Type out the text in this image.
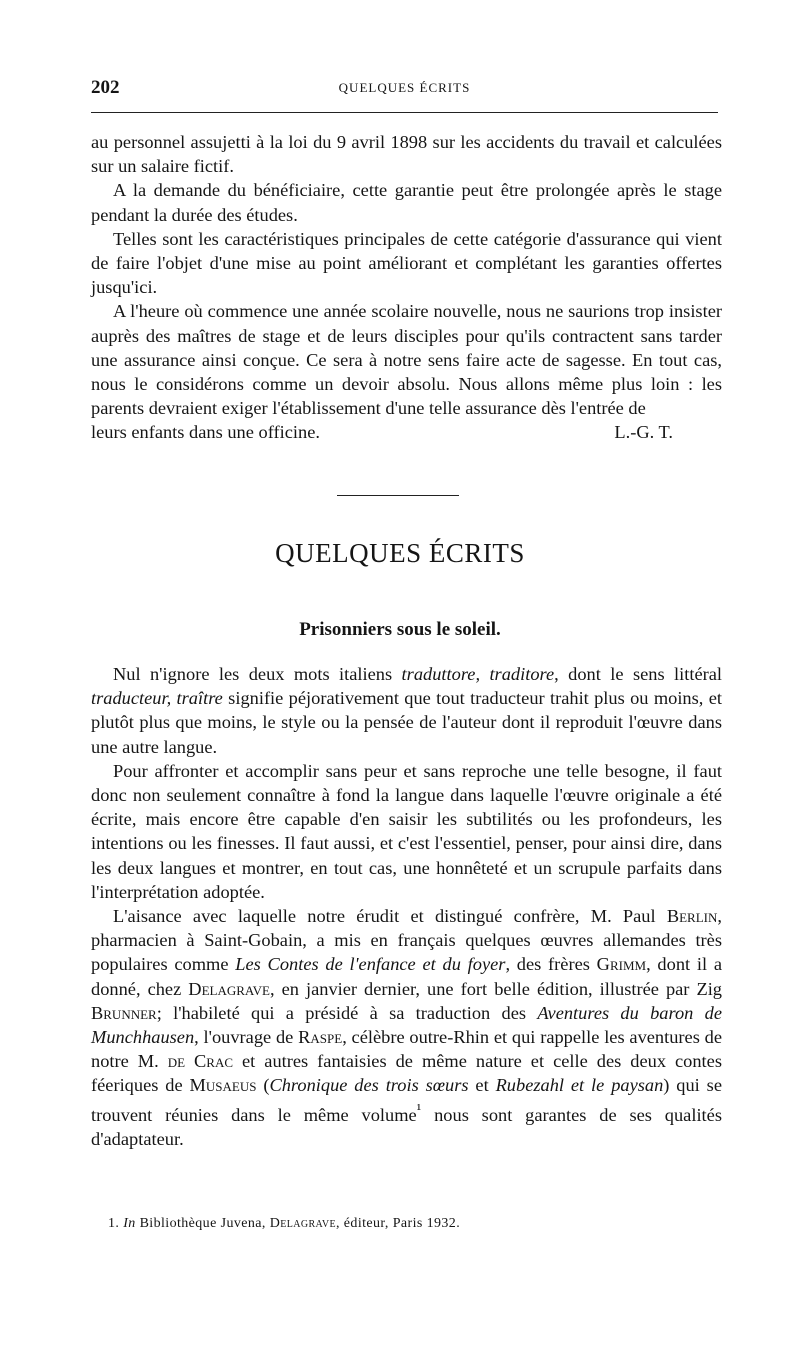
202	QUELQUES ÉCRITS

au personnel assujetti à la loi du 9 avril 1898 sur les accidents du travail et calculées sur un salaire fictif.

A la demande du bénéficiaire, cette garantie peut être prolongée après le stage pendant la durée des études.

Telles sont les caractéristiques principales de cette catégorie d'assurance qui vient de faire l'objet d'une mise au point améliorant et complétant les garanties offertes jusqu'ici.

A l'heure où commence une année scolaire nouvelle, nous ne saurions trop insister auprès des maîtres de stage et de leurs disciples pour qu'ils contractent sans tarder une assurance ainsi conçue. Ce sera à notre sens faire acte de sagesse. En tout cas, nous le considérons comme un devoir absolu. Nous allons même plus loin : les parents devraient exiger l'établissement d'une telle assurance dès l'entrée de

leurs enfants dans une officine.	L.-G. T.
QUELQUES ÉCRITS
Prisonniers sous le soleil.

Nul n'ignore les deux mots italiens traduttore, traditore, dont le sens littéral traducteur, traître signifie péjorativement que tout traducteur trahit plus ou moins, et plutôt plus que moins, le style ou la pensée de l'auteur dont il reproduit l'œuvre dans une autre langue.

Pour affronter et accomplir sans peur et sans reproche une telle besogne, il faut donc non seulement connaître à fond la langue dans laquelle l'œuvre originale a été écrite, mais encore être capable d'en saisir les subtilités ou les profondeurs, les intentions ou les finesses. Il faut aussi, et c'est l'essentiel, penser, pour ainsi dire, dans les deux langues et montrer, en tout cas, une honnêteté et un scrupule parfaits dans l'interprétation adoptée.

L'aisance avec laquelle notre érudit et distingué confrère, M. Paul Berlin, pharmacien à Saint-Gobain, a mis en français quelques œuvres allemandes très populaires comme Les Contes de l'enfance et du foyer, des frères Grimm, dont il a donné, chez Delagrave, en janvier dernier, une fort belle édition, illustrée par Zig Brunner; l'habileté qui a présidé à sa traduction des Aventures du baron de Munchhausen, l'ouvrage de Raspe, célèbre outre-Rhin et qui rappelle les aventures de notre M. de Crac et autres fantaisies de même nature et celle des deux contes féeriques de Musaeus (Chronique des trois sœurs et Rubezahl et le paysan) qui se trouvent réunies dans le même volume$^{^1}$ nous sont garantes de ses qualités d'adaptateur.

1. In Bibliothèque Juvena, Delagrave, éditeur, Paris 1932.
